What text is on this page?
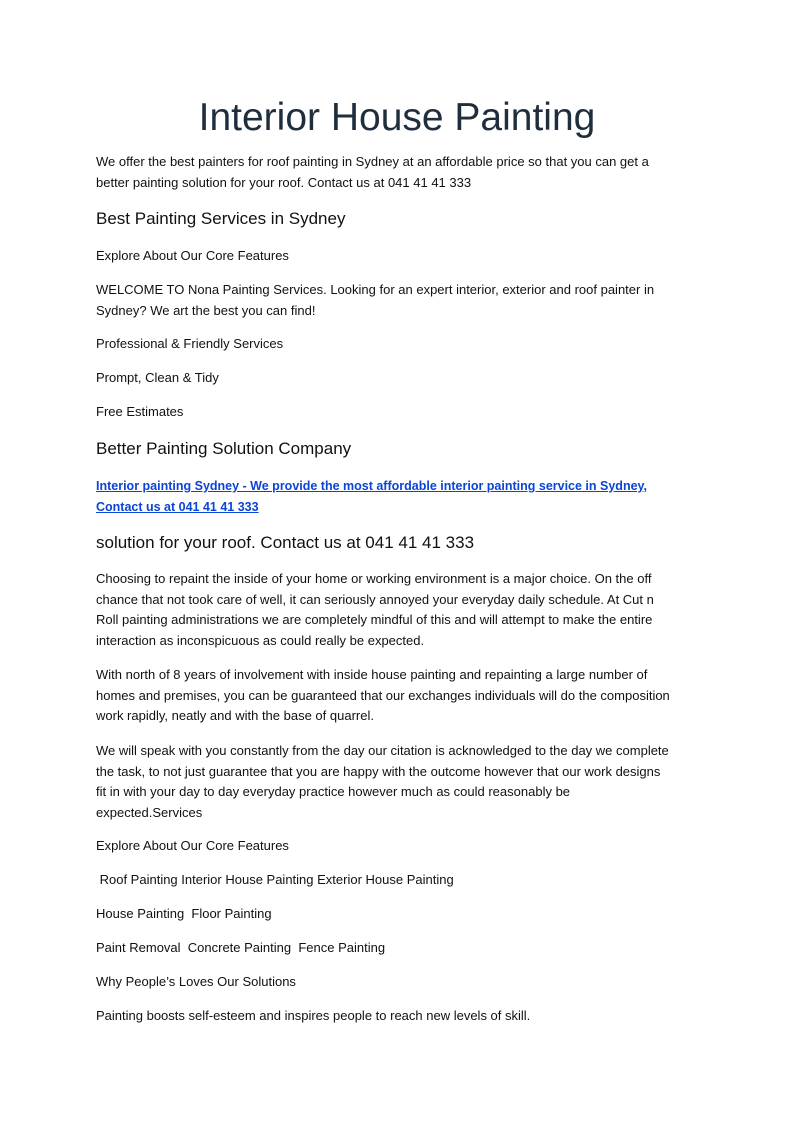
Interior House Painting

We offer the best painters for roof painting in Sydney at an affordable price so that you can get a
better painting solution for your roof. Contact us at 041 41 41 333

Best Painting Services in Sydney

Explore About Our Core Features

WELCOME TO Nona Painting Services. Looking for an expert interior, exterior and roof painter in
Sydney? We art the best you can find!

Professional & Friendly Services

Prompt, Clean & Tidy

Free Estimates

Better Painting Solution Company
Interior painting Sydney - We provide the most affordable interior painting service in Sydney,
Contact us at 041 41 41 333
solution for your roof. Contact us at 041 41 41 333

Choosing to repaint the inside of your home or working environment is a major choice. On the off
chance that not took care of well, it can seriously annoyed your everyday daily schedule. At Cut n
Roll painting administrations we are completely mindful of this and will attempt to make the entire
interaction as inconspicuous as could really be expected.

With north of 8 years of involvement with inside house painting and repainting a large number of
homes and premises, you can be guaranteed that our exchanges individuals will do the composition
work rapidly, neatly and with the base of quarrel.

We will speak with you constantly from the day our citation is acknowledged to the day we complete
the task, to not just guarantee that you are happy with the outcome however that our work designs
fit in with your day to day everyday practice however much as could reasonably be
expected.Services

Explore About Our Core Features

Roof Painting Interior House Painting Exterior House Painting

House Painting  Floor Painting

Paint Removal  Concrete Painting  Fence Painting

Why People’s Loves Our Solutions

Painting boosts self-esteem and inspires people to reach new levels of skill.
